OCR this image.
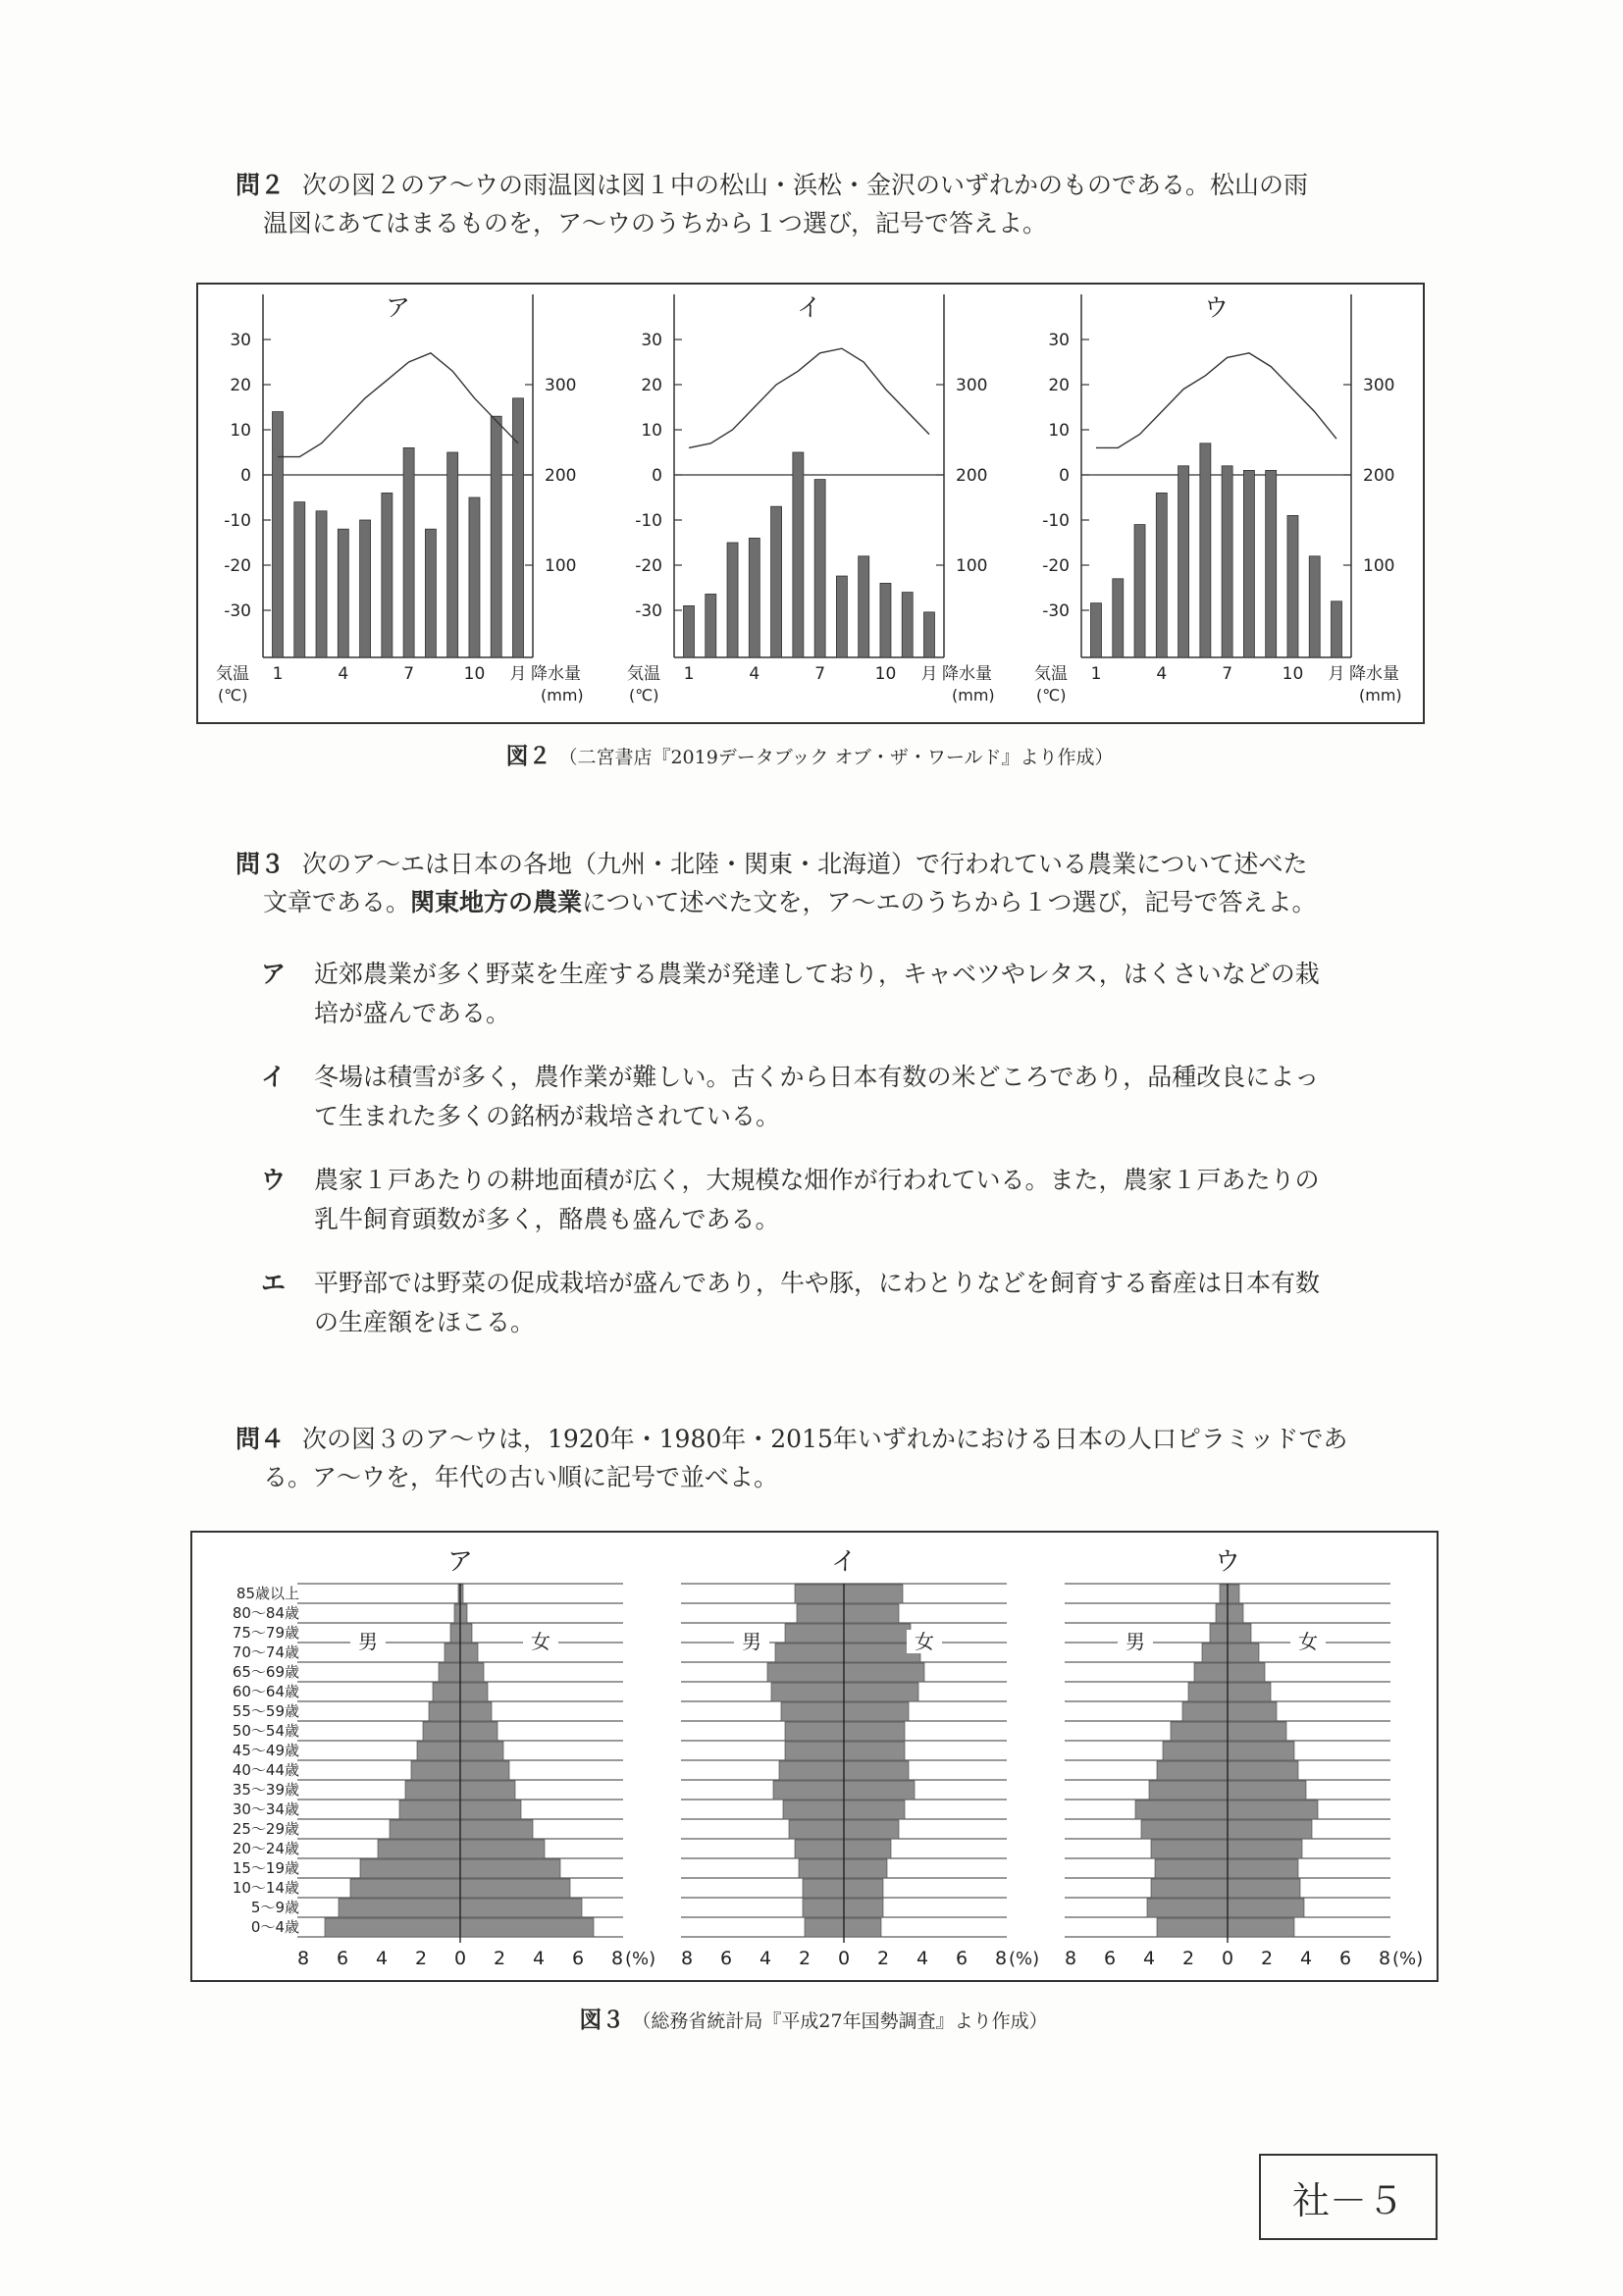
問２ 次の図２のア～ウの雨温図は図１中の松山・浜松・金沢のいずれかのものである。松山の雨
温図にあてはまるものを，ア～ウのうちから１つ選び，記号で答えよ。
ア
30
20
10
0
-10
-20
-30
300
200
100
気温
(℃)
降水量
(mm)
1	4	7	10 月
イ
30
20
10
0
-10
-20
-30
300
200
100
気温
(℃)
降水量
(mm)
1	4	7	10 月
ウ
30
20
10
0
-10
-20
-30
300
200
100
気温
(℃)
降水量
(mm)
1	4	7	10 月
図２ （二宮書店『2019データブック オブ・ザ・ワールド』より作成）
問３ 次のア～エは日本の各地（九州・北陸・関東・北海道）で行われている農業について述べた
文章である。関東地方の農業について述べた文を，ア～エのうちから１つ選び，記号で答えよ。
ア 近郊農業が多く野菜を生産する農業が発達しており，キャベツやレタス，はくさいなどの栽
培が盛んである。
イ 冬場は積雪が多く，農作業が難しい。古くから日本有数の米どころであり，品種改良によっ
て生まれた多くの銘柄が栽培されている。
ウ 農家１戸あたりの耕地面積が広く，大規模な畑作が行われている。また，農家１戸あたりの
乳牛飼育頭数が多く，酪農も盛んである。
エ 平野部では野菜の促成栽培が盛んであり，牛や豚，にわとりなどを飼育する畜産は日本有数
の生産額をほこる。
問４ 次の図３のア～ウは，1920年・1980年・2015年いずれかにおける日本の人口ピラミッドであ
る。ア～ウを，年代の古い順に記号で並べよ。
ア
男	女
8 6 4 2 0 2 4 6 8 (%)
85歳以上
80～84歳
75～79歳
70～74歳
65～69歳
60～64歳
55～59歳
50～54歳
45～49歳
40～44歳
35～39歳
30～34歳
25～29歳
20～24歳
15～19歳
10～14歳
5～9歳
0～4歳
イ
男	女
8 6 4 2 0 2 4 6 8 (%)
ウ
男	女
8 6 4 2 0 2 4 6 8 (%)
図３ （総務省統計局『平成27年国勢調査』より作成）
社－５
